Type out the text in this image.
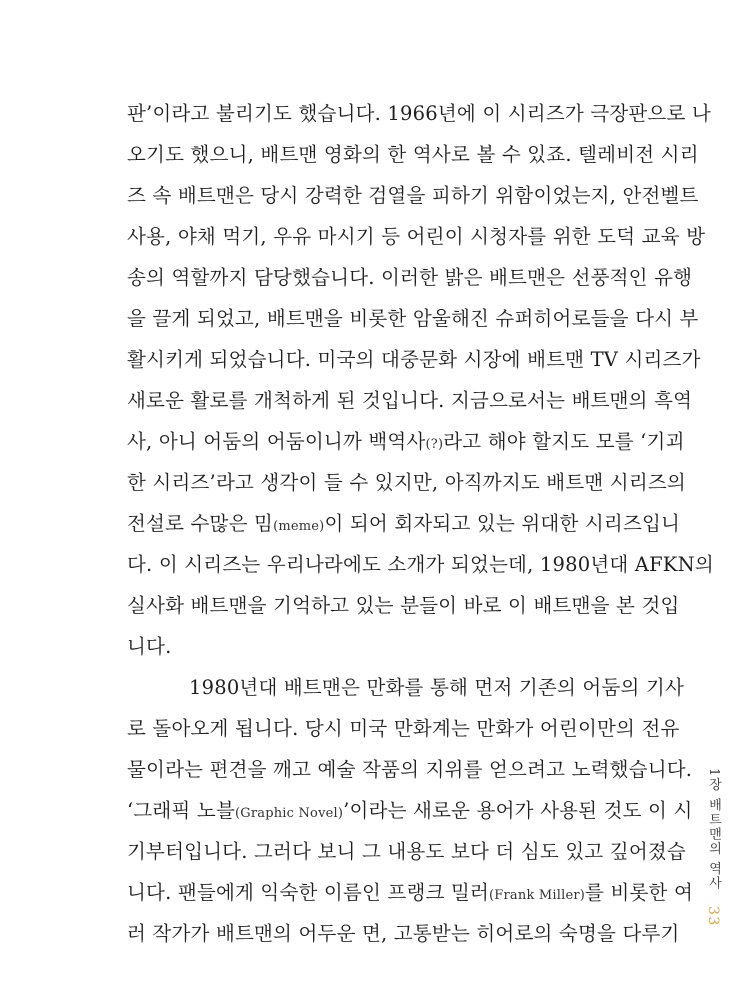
판’이라고 불리기도 했습니다. 1966년에 이 시리즈가 극장판으로 나
오기도 했으니, 배트맨 영화의 한 역사로 볼 수 있죠. 텔레비전 시리
즈 속 배트맨은 당시 강력한 검열을 피하기 위함이었는지, 안전벨트
사용, 야채 먹기, 우유 마시기 등 어린이 시청자를 위한 도덕 교육 방
송의 역할까지 담당했습니다. 이러한 밝은 배트맨은 선풍적인 유행
을 끌게 되었고, 배트맨을 비롯한 암울해진 슈퍼히어로들을 다시 부
활시키게 되었습니다. 미국의 대중문화 시장에 배트맨 TV 시리즈가
새로운 활로를 개척하게 된 것입니다. 지금으로서는 배트맨의 흑역
사, 아니 어둠의 어둠이니까 백역사(?)라고 해야 할지도 모를 ‘기괴
한 시리즈’라고 생각이 들 수 있지만, 아직까지도 배트맨 시리즈의
전설로 수많은 밈(meme)이 되어 회자되고 있는 위대한 시리즈입니
다. 이 시리즈는 우리나라에도 소개가 되었는데, 1980년대 AFKN의
실사화 배트맨을 기억하고 있는 분들이 바로 이 배트맨을 본 것입
니다.
1980년대 배트맨은 만화를 통해 먼저 기존의 어둠의 기사
로 돌아오게 됩니다. 당시 미국 만화계는 만화가 어린이만의 전유
물이라는 편견을 깨고 예술 작품의 지위를 얻으려고 노력했습니다.
‘그래픽 노블(Graphic Novel)’이라는 새로운 용어가 사용된 것도 이 시
기부터입니다. 그러다 보니 그 내용도 보다 더 심도 있고 깊어졌습
니다. 팬들에게 익숙한 이름인 프랭크 밀러(Frank Miller)를 비롯한 여
러 작가가 배트맨의 어두운 면, 고통받는 히어로의 숙명을 다루기
1장 배트맨의 역사 33
